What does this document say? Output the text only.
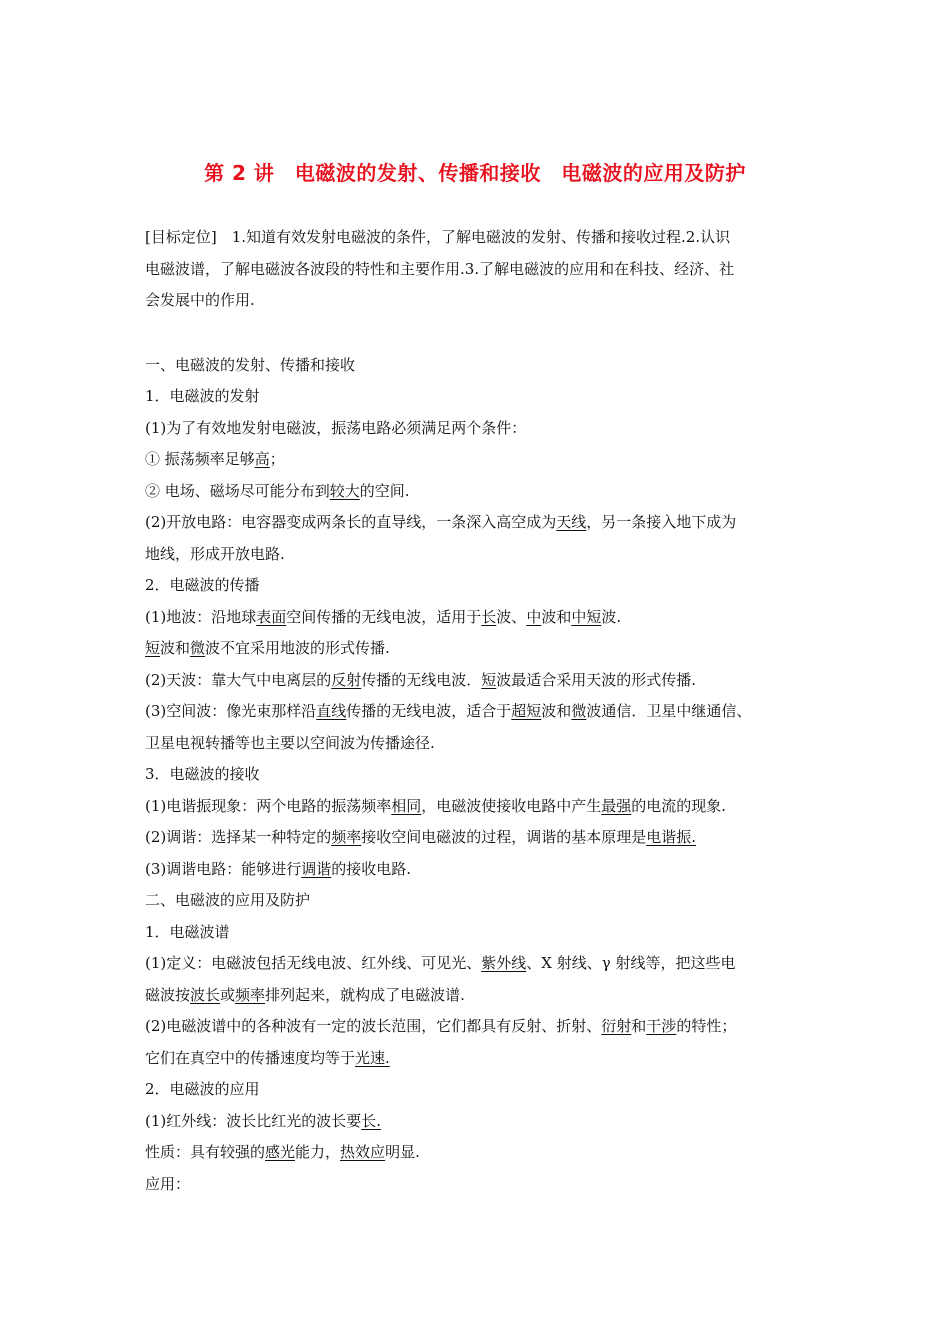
第 2 讲　电磁波的发射、传播和接收　电磁波的应用及防护
[目标定位]　1.知道有效发射电磁波的条件，了解电磁波的发射、传播和接收过程.2.认识
电磁波谱，了解电磁波各波段的特性和主要作用.3.了解电磁波的应用和在科技、经济、社
会发展中的作用.
一、电磁波的发射、传播和接收
1．电磁波的发射
(1)为了有效地发射电磁波，振荡电路必须满足两个条件：
① 振荡频率足够高；
② 电场、磁场尽可能分布到较大的空间.
(2)开放电路：电容器变成两条长的直导线，一条深入高空成为天线，另一条接入地下成为
地线，形成开放电路.
2．电磁波的传播
(1)地波：沿地球表面空间传播的无线电波，适用于长波、中波和中短波.
短波和微波不宜采用地波的形式传播.
(2)天波：靠大气中电离层的反射传播的无线电波．短波最适合采用天波的形式传播.
(3)空间波：像光束那样沿直线传播的无线电波，适合于超短波和微波通信．卫星中继通信、
卫星电视转播等也主要以空间波为传播途径.
3．电磁波的接收
(1)电谐振现象：两个电路的振荡频率相同，电磁波使接收电路中产生最强的电流的现象.
(2)调谐：选择某一种特定的频率接收空间电磁波的过程，调谐的基本原理是电谐振.
(3)调谐电路：能够进行调谐的接收电路.
二、电磁波的应用及防护
1．电磁波谱
(1)定义：电磁波包括无线电波、红外线、可见光、紫外线、X 射线、γ 射线等，把这些电
磁波按波长或频率排列起来，就构成了电磁波谱.
(2)电磁波谱中的各种波有一定的波长范围，它们都具有反射、折射、衍射和干涉的特性；
它们在真空中的传播速度均等于光速.
2．电磁波的应用
(1)红外线：波长比红光的波长要长.
性质：具有较强的感光能力，热效应明显.
应用：
